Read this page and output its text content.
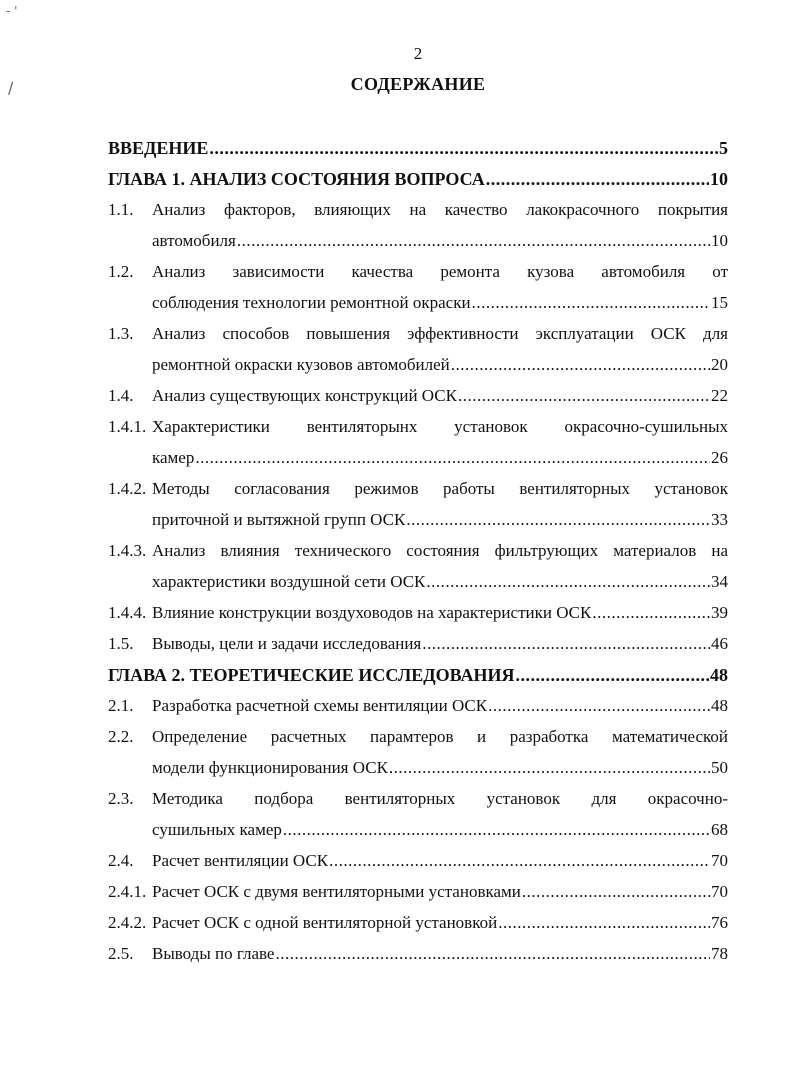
- '
/
2
СОДЕРЖАНИЕ
ВВЕДЕНИЕ .....	5
ГЛАВА 1. АНАЛИЗ СОСТОЯНИЯ ВОПРОСА .....	10
1.1. Анализ факторов, влияющих на качество лакокрасочного покрытия
автомобиля .....	10
1.2. Анализ зависимости качества ремонта кузова автомобиля от
соблюдения технологии ремонтной окраски .....	15
1.3. Анализ способов повышения эффективности эксплуатации ОСК для
ремонтной окраски кузовов автомобилей .....	20
1.4. Анализ существующих конструкций ОСК .....	22
1.4.1. Характеристики вентиляторынх установок окрасочно-сушильных
камер .....	26
1.4.2. Методы согласования режимов работы вентиляторных установок
приточной и вытяжной групп ОСК .....	33
1.4.3. Анализ влияния технического состояния фильтрующих материалов на
характеристики воздушной сети ОСК .....	34
1.4.4. Влияние конструкции воздуховодов на характеристики ОСК .....	39
1.5. Выводы, цели и задачи исследования .....	46
ГЛАВА 2. ТЕОРЕТИЧЕСКИЕ ИССЛЕДОВАНИЯ .....	48
2.1. Разработка расчетной схемы вентиляции ОСК .....	48
2.2. Определение расчетных парамтеров и разработка математической
модели функционирования ОСК .....	50
2.3. Методика подбора вентиляторных установок для окрасочно-
сушильных камер .....	68
2.4. Расчет вентиляции ОСК .....	70
2.4.1. Расчет ОСК с двумя вентиляторными установками .....	70
2.4.2. Расчет ОСК с одной вентиляторной установкой .....	76
2.5. Выводы по главе .....	78
